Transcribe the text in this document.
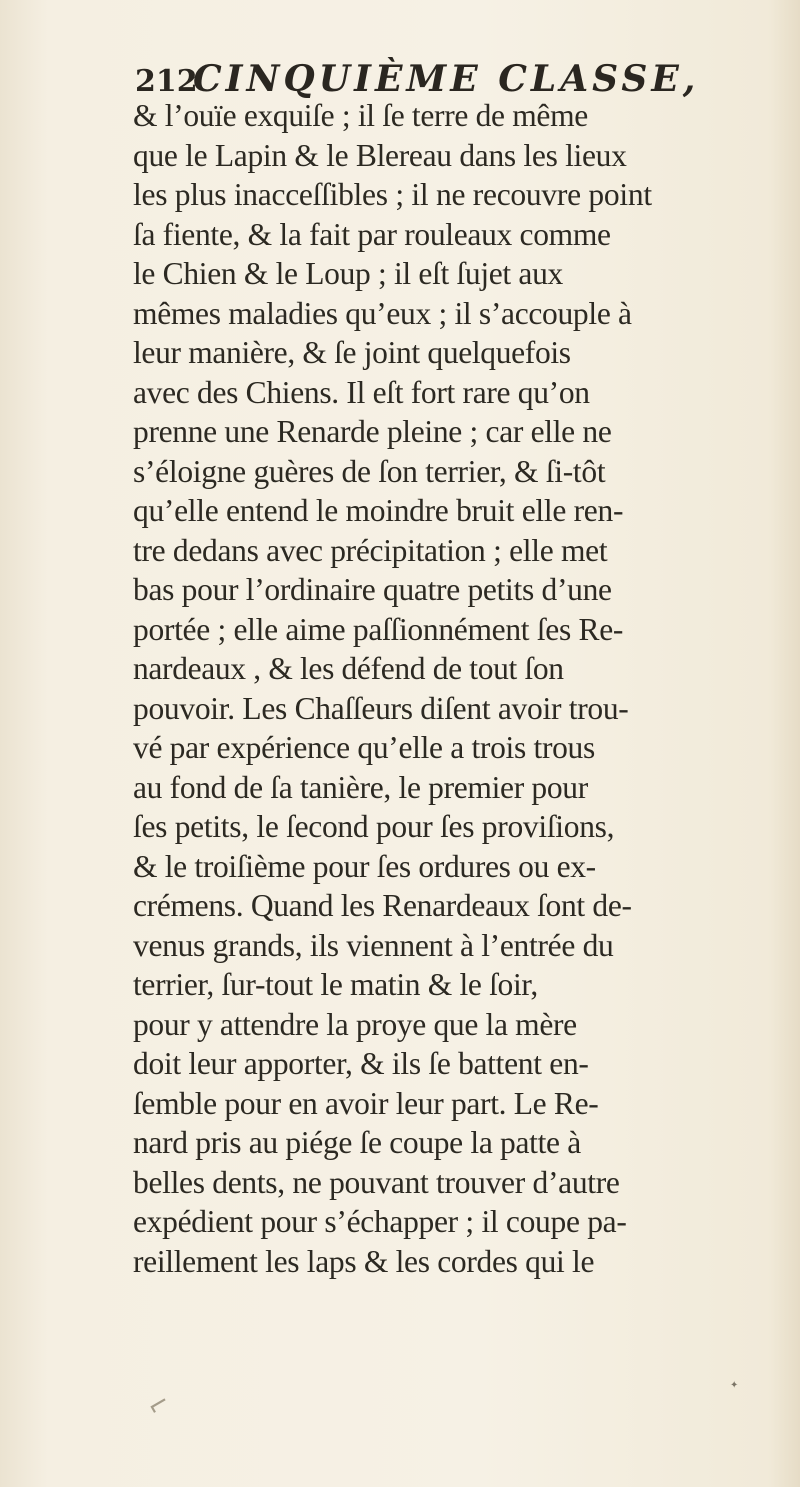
212
CINQUIÈME CLASSE,
& l’ouïe exquiſe ; il ſe terre de même
que le Lapin & le Blereau dans les lieux
les plus inacceſſibles ; il ne recouvre point
ſa fiente, & la fait par rouleaux comme
le Chien & le Loup ; il eſt ſujet aux
mêmes maladies qu’eux ; il s’accouple à
leur manière, & ſe joint quelquefois
avec des Chiens. Il eſt fort rare qu’on
prenne une Renarde pleine ; car elle ne
s’éloigne guères de ſon terrier, & ſi-tôt
qu’elle entend le moindre bruit elle ren-
tre dedans avec précipitation ; elle met
bas pour l’ordinaire quatre petits d’une
portée ; elle aime paſſionnément ſes Re-
nardeaux , & les défend de tout ſon
pouvoir. Les Chaſſeurs diſent avoir trou-
vé par expérience qu’elle a trois trous
au fond de ſa tanière, le premier pour
ſes petits, le ſecond pour ſes proviſions,
& le troiſième pour ſes ordures ou ex-
crémens. Quand les Renardeaux ſont de-
venus grands, ils viennent à l’entrée du
terrier, ſur-tout le matin & le ſoir,
pour y attendre la proye que la mère
doit leur apporter, & ils ſe battent en-
ſemble pour en avoir leur part. Le Re-
nard pris au piége ſe coupe la patte à
belles dents, ne pouvant trouver d’autre
expédient pour s’échapper ; il coupe pa-
reillement les laps & les cordes qui le
✦
⌐
